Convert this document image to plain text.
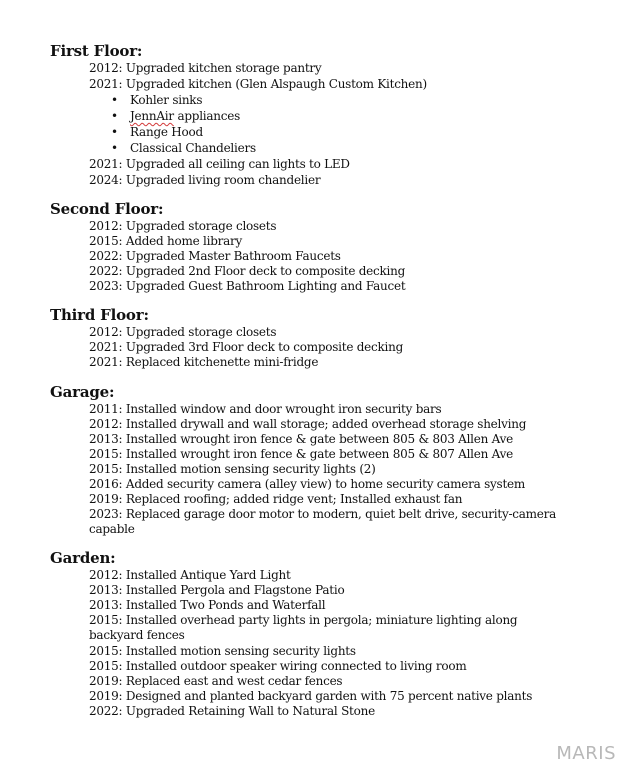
First Floor:
2012: Upgraded kitchen storage pantry
2021: Upgraded kitchen (Glen Alspaugh Custom Kitchen)
• Kohler sinks
• JennAir appliances
• Range Hood
• Classical Chandeliers
2021: Upgraded all ceiling can lights to LED
2024: Upgraded living room chandelier
Second Floor:
2012: Upgraded storage closets
2015: Added home library
2022: Upgraded Master Bathroom Faucets
2022: Upgraded 2nd Floor deck to composite decking
2023: Upgraded Guest Bathroom Lighting and Faucet
Third Floor:
2012: Upgraded storage closets
2021: Upgraded 3rd Floor deck to composite decking
2021: Replaced kitchenette mini-fridge
Garage:
2011: Installed window and door wrought iron security bars
2012: Installed drywall and wall storage; added overhead storage shelving
2013: Installed wrought iron fence & gate between 805 & 803 Allen Ave
2015: Installed wrought iron fence & gate between 805 & 807 Allen Ave
2015: Installed motion sensing security lights (2)
2016: Added security camera (alley view) to home security camera system
2019: Replaced roofing; added ridge vent; Installed exhaust fan
2023: Replaced garage door motor to modern, quiet belt drive, security-camera capable
Garden:
2012: Installed Antique Yard Light
2013: Installed Pergola and Flagstone Patio
2013: Installed Two Ponds and Waterfall
2015: Installed overhead party lights in pergola; miniature lighting along backyard fences
2015: Installed motion sensing security lights
2015: Installed outdoor speaker wiring connected to living room
2019: Replaced east and west cedar fences
2019: Designed and planted backyard garden with 75 percent native plants
2022: Upgraded Retaining Wall to Natural Stone
MARIS
